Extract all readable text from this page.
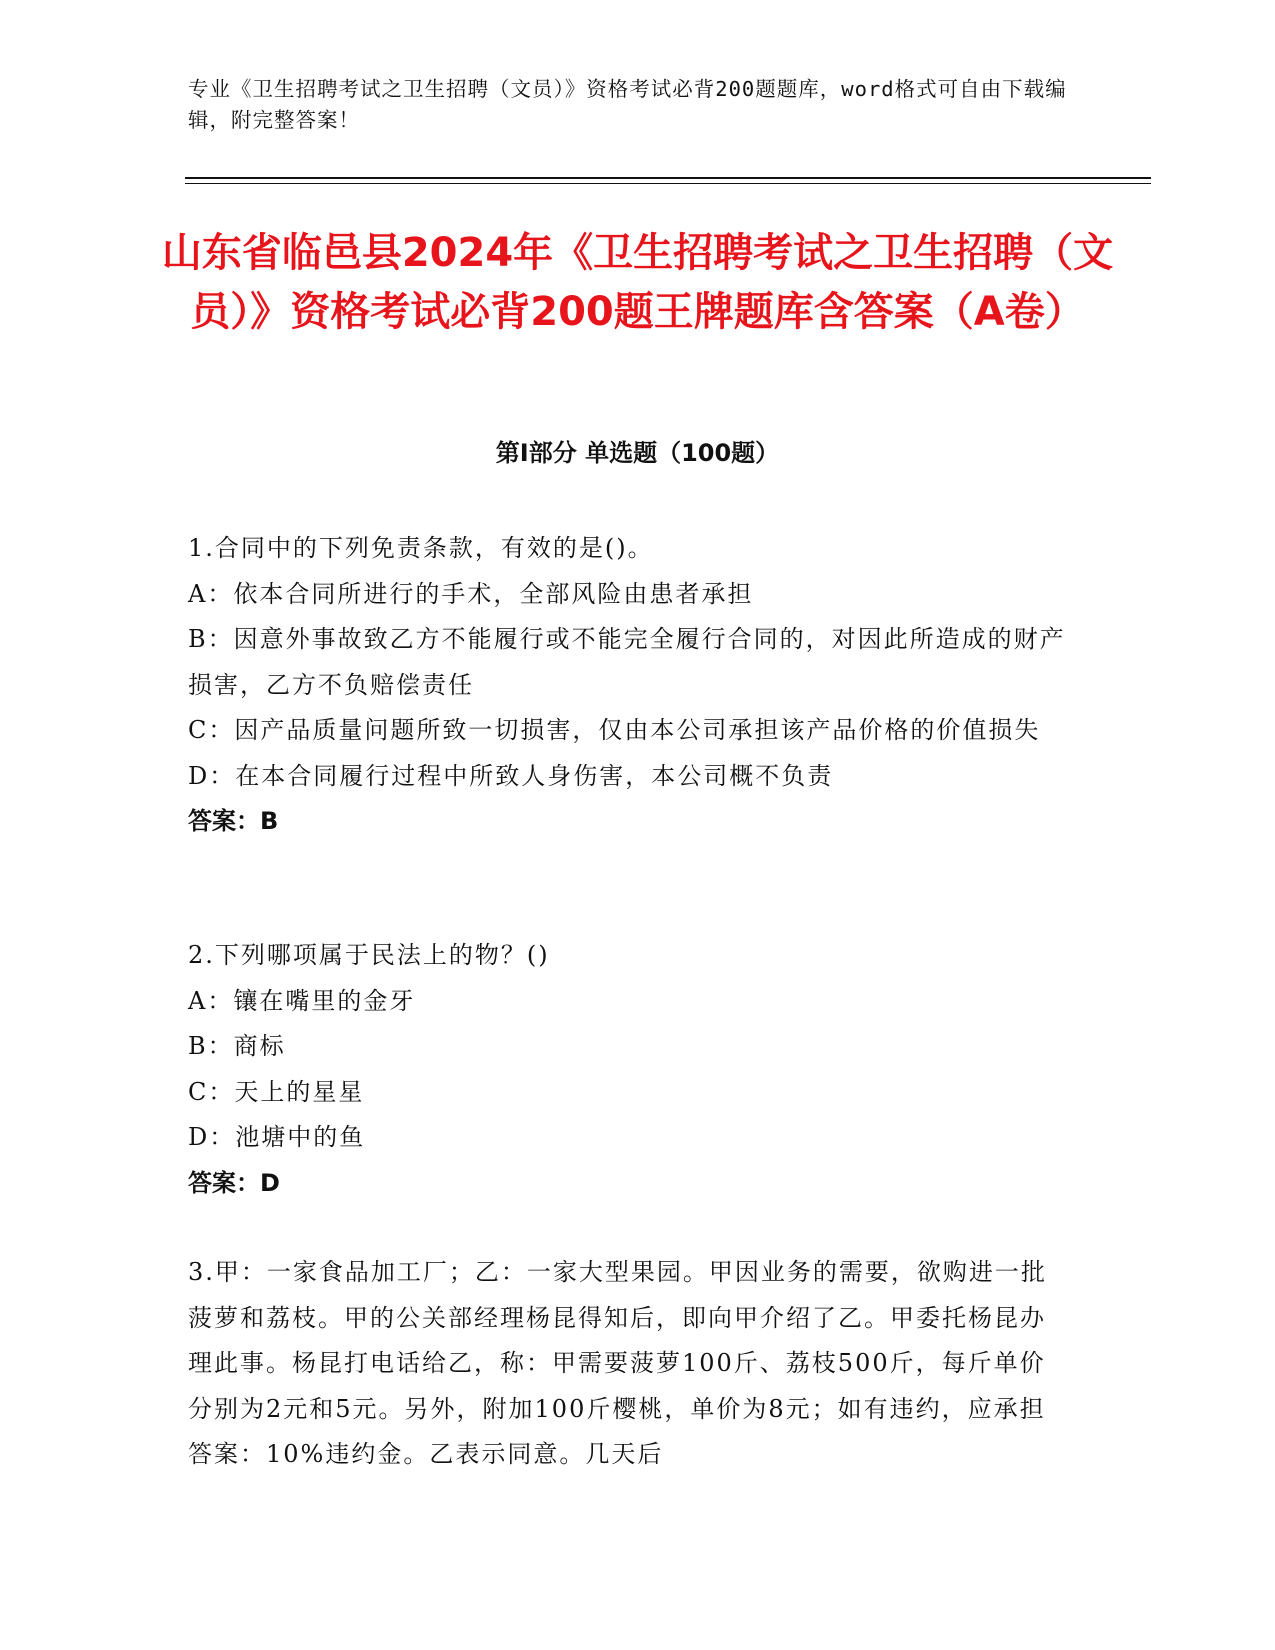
专业《卫生招聘考试之卫生招聘（文员）》资格考试必背200题题库，word格式可自由下载编辑，附完整答案！
山东省临邑县2024年《卫生招聘考试之卫生招聘（文员）》资格考试必背200题王牌题库含答案（A卷）
第Ⅰ部分 单选题（100题）

1.合同中的下列免责条款，有效的是()。

A：依本合同所进行的手术，全部风险由患者承担

B：因意外事故致乙方不能履行或不能完全履行合同的，对因此所造成的财产损害，乙方不负赔偿责任

C：因产品质量问题所致一切损害，仅由本公司承担该产品价格的价值损失

D：在本合同履行过程中所致人身伤害，本公司概不负责

答案：B

2.下列哪项属于民法上的物？()

A：镶在嘴里的金牙

B：商标

C：天上的星星

D：池塘中的鱼

答案：D

3.甲：一家食品加工厂；乙：一家大型果园。甲因业务的需要，欲购进一批菠萝和荔枝。甲的公关部经理杨昆得知后，即向甲介绍了乙。甲委托杨昆办理此事。杨昆打电话给乙，称：甲需要菠萝100斤、荔枝500斤，每斤单价分别为2元和5元。另外，附加100斤樱桃，单价为8元；如有违约，应承担答案：10%违约金。乙表示同意。几天后
